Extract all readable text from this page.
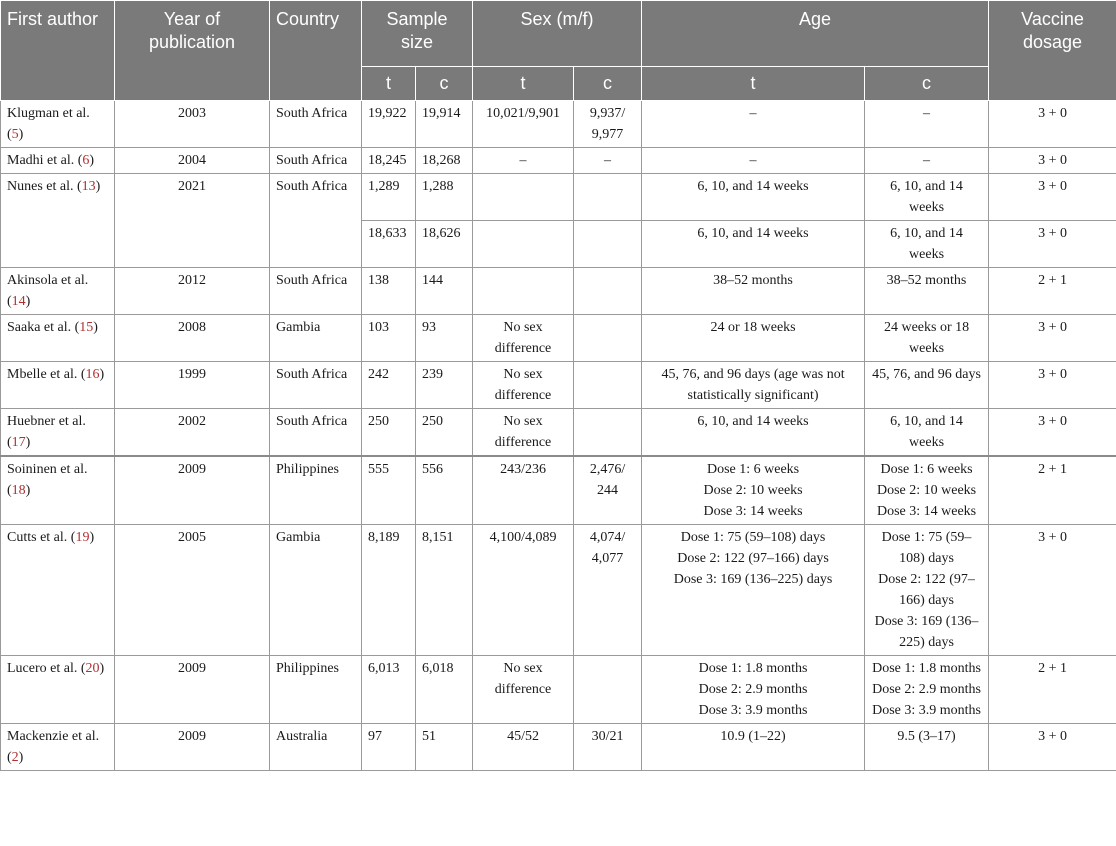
First author	Year of publication	Country	Sample size		Sex (m/f)		Age		Vaccine dosage
			t	c	t	c	t	c	
Klugman et al. (5)	2003	South Africa	19,922	19,914	10,021/9,901	9,937/ 9,977	–	–	3 + 0
Madhi et al. (6)	2004	South Africa	18,245	18,268	–	–	–	–	3 + 0
Nunes et al. (13)	2021	South Africa	1,289	1,288			6, 10, and 14 weeks	6, 10, and 14 weeks	3 + 0
			18,633	18,626			6, 10, and 14 weeks	6, 10, and 14 weeks	3 + 0
Akinsola et al. (14)	2012	South Africa	138	144			38–52 months	38–52 months	2 + 1
Saaka et al. (15)	2008	Gambia	103	93	No sex difference		24 or 18 weeks	24 weeks or 18 weeks	3 + 0
Mbelle et al. (16)	1999	South Africa	242	239	No sex difference		45, 76, and 96 days (age was not statistically significant)	45, 76, and 96 days	3 + 0
Huebner et al. (17)	2002	South Africa	250	250	No sex difference		6, 10, and 14 weeks	6, 10, and 14 weeks	3 + 0
Soininen et al. (18)	2009	Philippines	555	556	243/236	2,476/ 244	Dose 1: 6 weeks
Dose 2: 10 weeks
Dose 3: 14 weeks	Dose 1: 6 weeks
Dose 2: 10 weeks
Dose 3: 14 weeks	2 + 1
Cutts et al. (19)	2005	Gambia	8,189	8,151	4,100/4,089	4,074/ 4,077	Dose 1: 75 (59–108) days
Dose 2: 122 (97–166) days
Dose 3: 169 (136–225) days	Dose 1: 75 (59–108) days
Dose 2: 122 (97–166) days
Dose 3: 169 (136–225) days	3 + 0
Lucero et al. (20)	2009	Philippines	6,013	6,018	No sex difference		Dose 1: 1.8 months
Dose 2: 2.9 months
Dose 3: 3.9 months	Dose 1: 1.8 months
Dose 2: 2.9 months
Dose 3: 3.9 months	2 + 1
Mackenzie et al. (2)	2009	Australia	97	51	45/52	30/21	10.9 (1–22)	9.5 (3–17)	3 + 0
